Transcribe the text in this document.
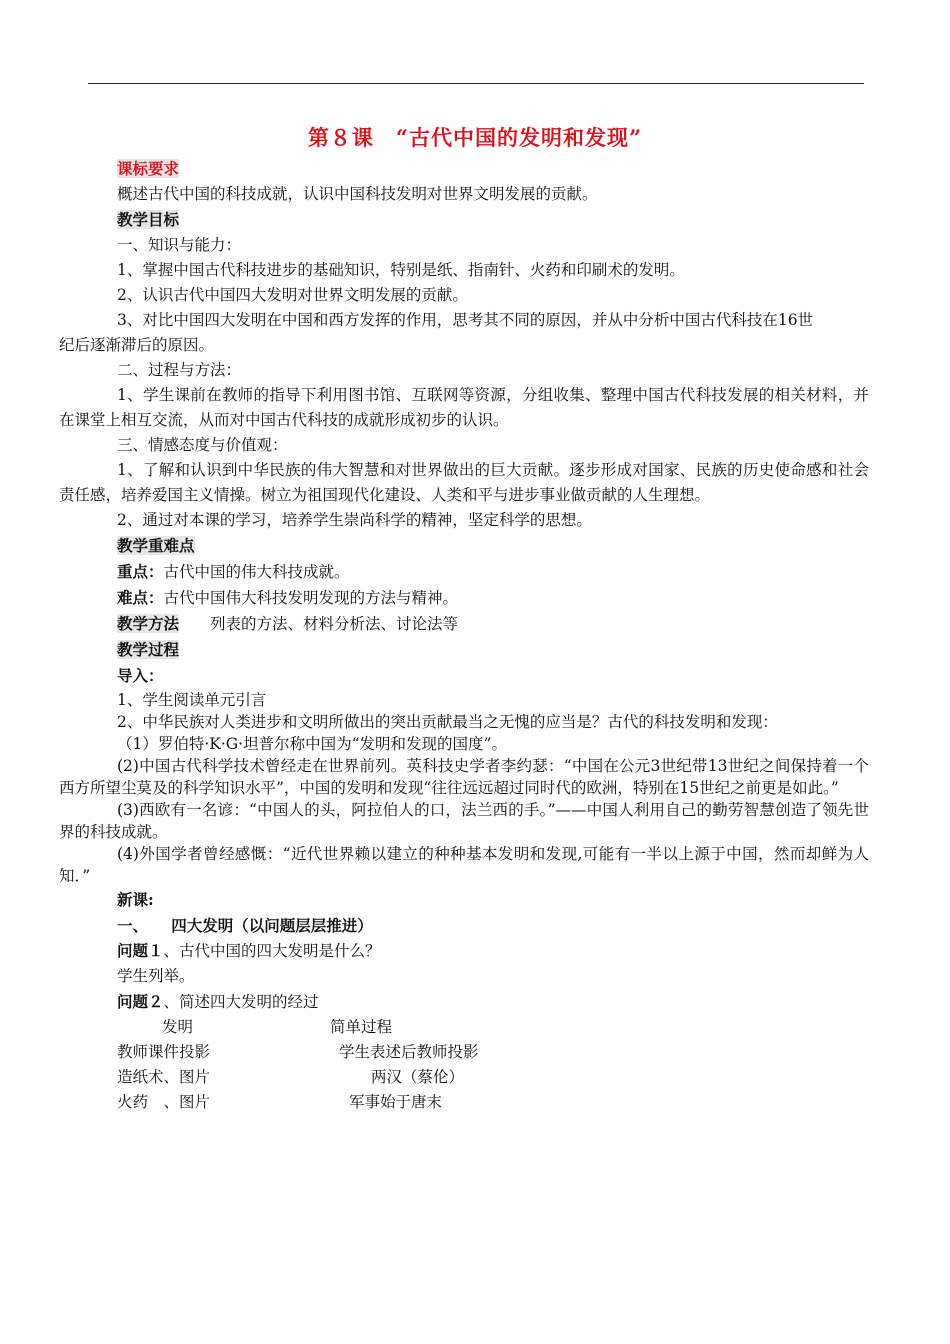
第８课　“古代中国的发明和发现”

课标要求

概述古代中国的科技成就，认识中国科技发明对世界文明发展的贡献。

教学目标

一、知识与能力：

1、掌握中国古代科技进步的基础知识，特别是纸、指南针、火药和印刷术的发明。

2、认识古代中国四大发明对世界文明发展的贡献。

3、对比中国四大发明在中国和西方发挥的作用，思考其不同的原因，并从中分析中国古代科技在16世

纪后逐渐滞后的原因。

二、过程与方法：

1、学生课前在教师的指导下利用图书馆、互联网等资源，分组收集、整理中国古代科技发展的相关材料，并在课堂上相互交流，从而对中国古代科技的成就形成初步的认识。

三、情感态度与价值观：

1、了解和认识到中华民族的伟大智慧和对世界做出的巨大贡献。逐步形成对国家、民族的历史使命感和社会责任感，培养爱国主义情操。树立为祖国现代化建设、人类和平与进步事业做贡献的人生理想。

2、通过对本课的学习，培养学生崇尚科学的精神，坚定科学的思想。

教学重难点

重点：古代中国的伟大科技成就。

难点：古代中国伟大科技发明发现的方法与精神。

教学方法　　列表的方法、材料分析法、讨论法等

教学过程

导入：

1、学生阅读单元引言

2、中华民族对人类进步和文明所做出的突出贡献最当之无愧的应当是？古代的科技发明和发现：

（1）罗伯特·K·G·坦普尔称中国为“发明和发现的国度”。

(2)中国古代科学技术曾经走在世界前列。英科技史学者李约瑟：“中国在公元3世纪带13世纪之间保持着一个西方所望尘莫及的科学知识水平”，中国的发明和发现“往往远远超过同时代的欧洲，特别在15世纪之前更是如此。”

(3)西欧有一名谚：“中国人的头，阿拉伯人的口，法兰西的手。”——中国人利用自己的勤劳智慧创造了领先世界的科技成就。

(4)外国学者曾经感慨：“近代世界赖以建立的种种基本发明和发现,可能有一半以上源于中国，然而却鲜为人知．”

新课:

一、　　四大发明（以问题层层推进）

问题１、古代中国的四大发明是什么？

学生列举。

问题２、简述四大发明的经过

发明	简单过程
教师课件投影	学生表述后教师投影
造纸术、图片	两汉（蔡伦）
火药　、图片	军事始于唐末
